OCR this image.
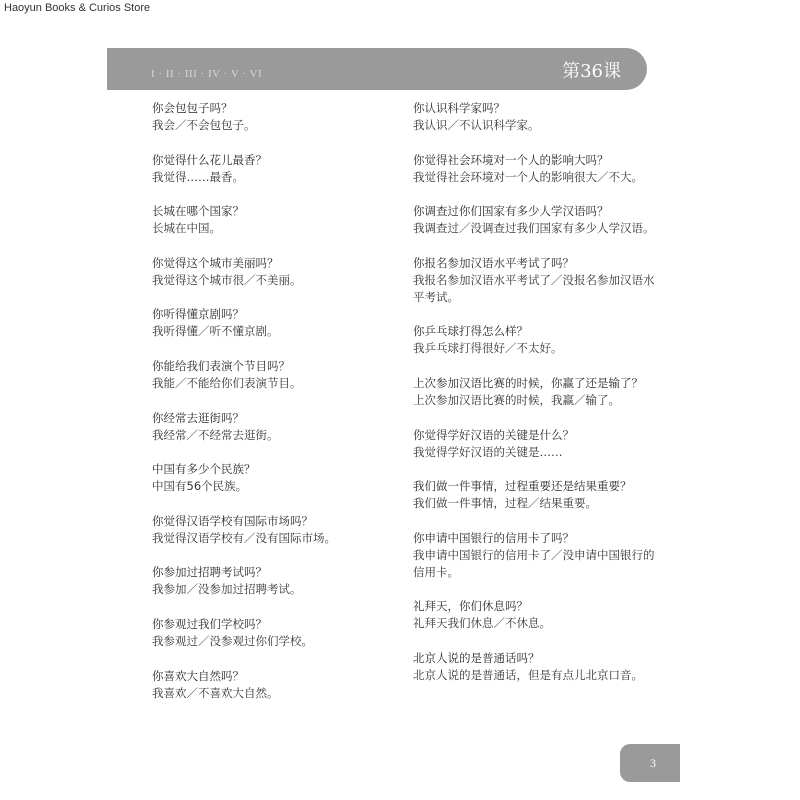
Haoyun Books & Curios Store
I · II · III · IV · V · VI	第36课

你会包包子吗？

我会／不会包包子。

你觉得什么花儿最香？

我觉得……最香。

长城在哪个国家？

长城在中国。

你觉得这个城市美丽吗？

我觉得这个城市很／不美丽。

你听得懂京剧吗？

我听得懂／听不懂京剧。

你能给我们表演个节目吗？

我能／不能给你们表演节目。

你经常去逛街吗？

我经常／不经常去逛街。

中国有多少个民族？

中国有56个民族。

你觉得汉语学校有国际市场吗？

我觉得汉语学校有／没有国际市场。

你参加过招聘考试吗？

我参加／没参加过招聘考试。

你参观过我们学校吗？

我参观过／没参观过你们学校。

你喜欢大自然吗？

我喜欢／不喜欢大自然。

你认识科学家吗？

我认识／不认识科学家。

你觉得社会环境对一个人的影响大吗？

我觉得社会环境对一个人的影响很大／不大。

你调查过你们国家有多少人学汉语吗？

我调查过／没调查过我们国家有多少人学汉语。

你报名参加汉语水平考试了吗？

我报名参加汉语水平考试了／没报名参加汉语水平考试。

你乒乓球打得怎么样？

我乒乓球打得很好／不太好。

上次参加汉语比赛的时候，你赢了还是输了？

上次参加汉语比赛的时候，我赢／输了。

你觉得学好汉语的关键是什么？

我觉得学好汉语的关键是……

我们做一件事情，过程重要还是结果重要？

我们做一件事情，过程／结果重要。

你申请中国银行的信用卡了吗？

我申请中国银行的信用卡了／没申请中国银行的信用卡。

礼拜天，你们休息吗？

礼拜天我们休息／不休息。

北京人说的是普通话吗？

北京人说的是普通话，但是有点儿北京口音。

3
